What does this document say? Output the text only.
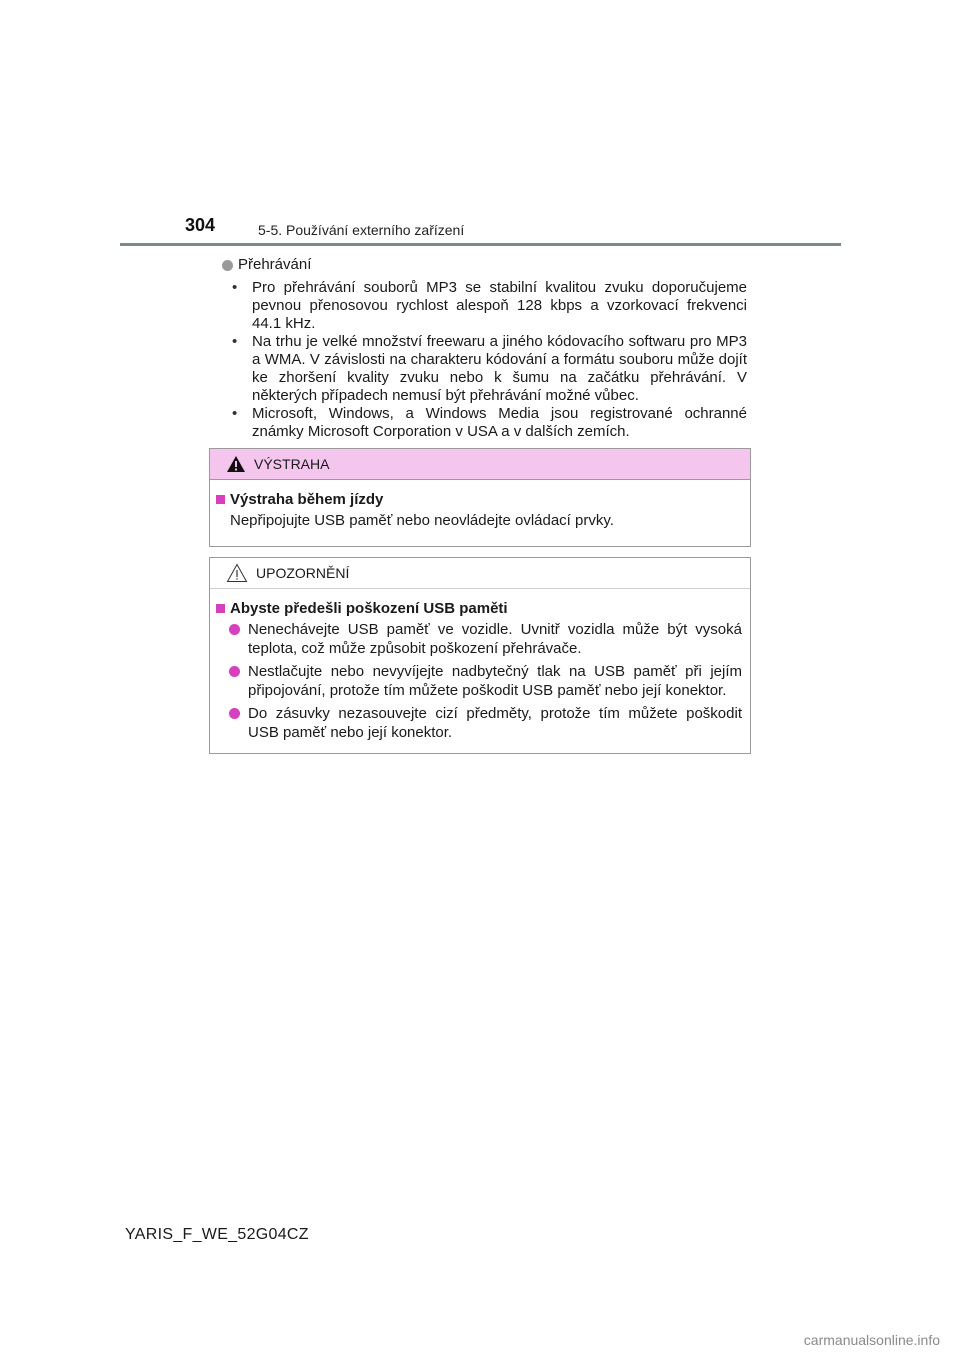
304	5-5. Používání externího zařízení
Přehrávání
• Pro přehrávání souborů MP3 se stabilní kvalitou zvuku doporučujeme pevnou přenosovou rychlost alespoň 128 kbps a vzorkovací frekvenci 44.1 kHz.
• Na trhu je velké množství freewaru a jiného kódovacího softwaru pro MP3 a WMA. V závislosti na charakteru kódování a formátu souboru může dojít ke zhoršení kvality zvuku nebo k šumu na začátku přehrávání. V některých případech nemusí být přehrávání možné vůbec.
• Microsoft, Windows, a Windows Media jsou registrované ochranné známky Microsoft Corporation v USA a v dalších zemích.
VÝSTRAHA
Výstraha během jízdy
Nepřipojujte USB paměť nebo neovládejte ovládací prvky.
UPOZORNĚNÍ
Abyste předešli poškození USB paměti
Nenechávejte USB paměť ve vozidle. Uvnitř vozidla může být vysoká teplota, což může způsobit poškození přehrávače.
Nestlačujte nebo nevyvíjejte nadbytečný tlak na USB paměť při jejím připojování, protože tím můžete poškodit USB paměť nebo její konektor.
Do zásuvky nezasouvejte cizí předměty, protože tím můžete poškodit USB paměť nebo její konektor.
YARIS_F_WE_52G04CZ
carmanualsonline.info
